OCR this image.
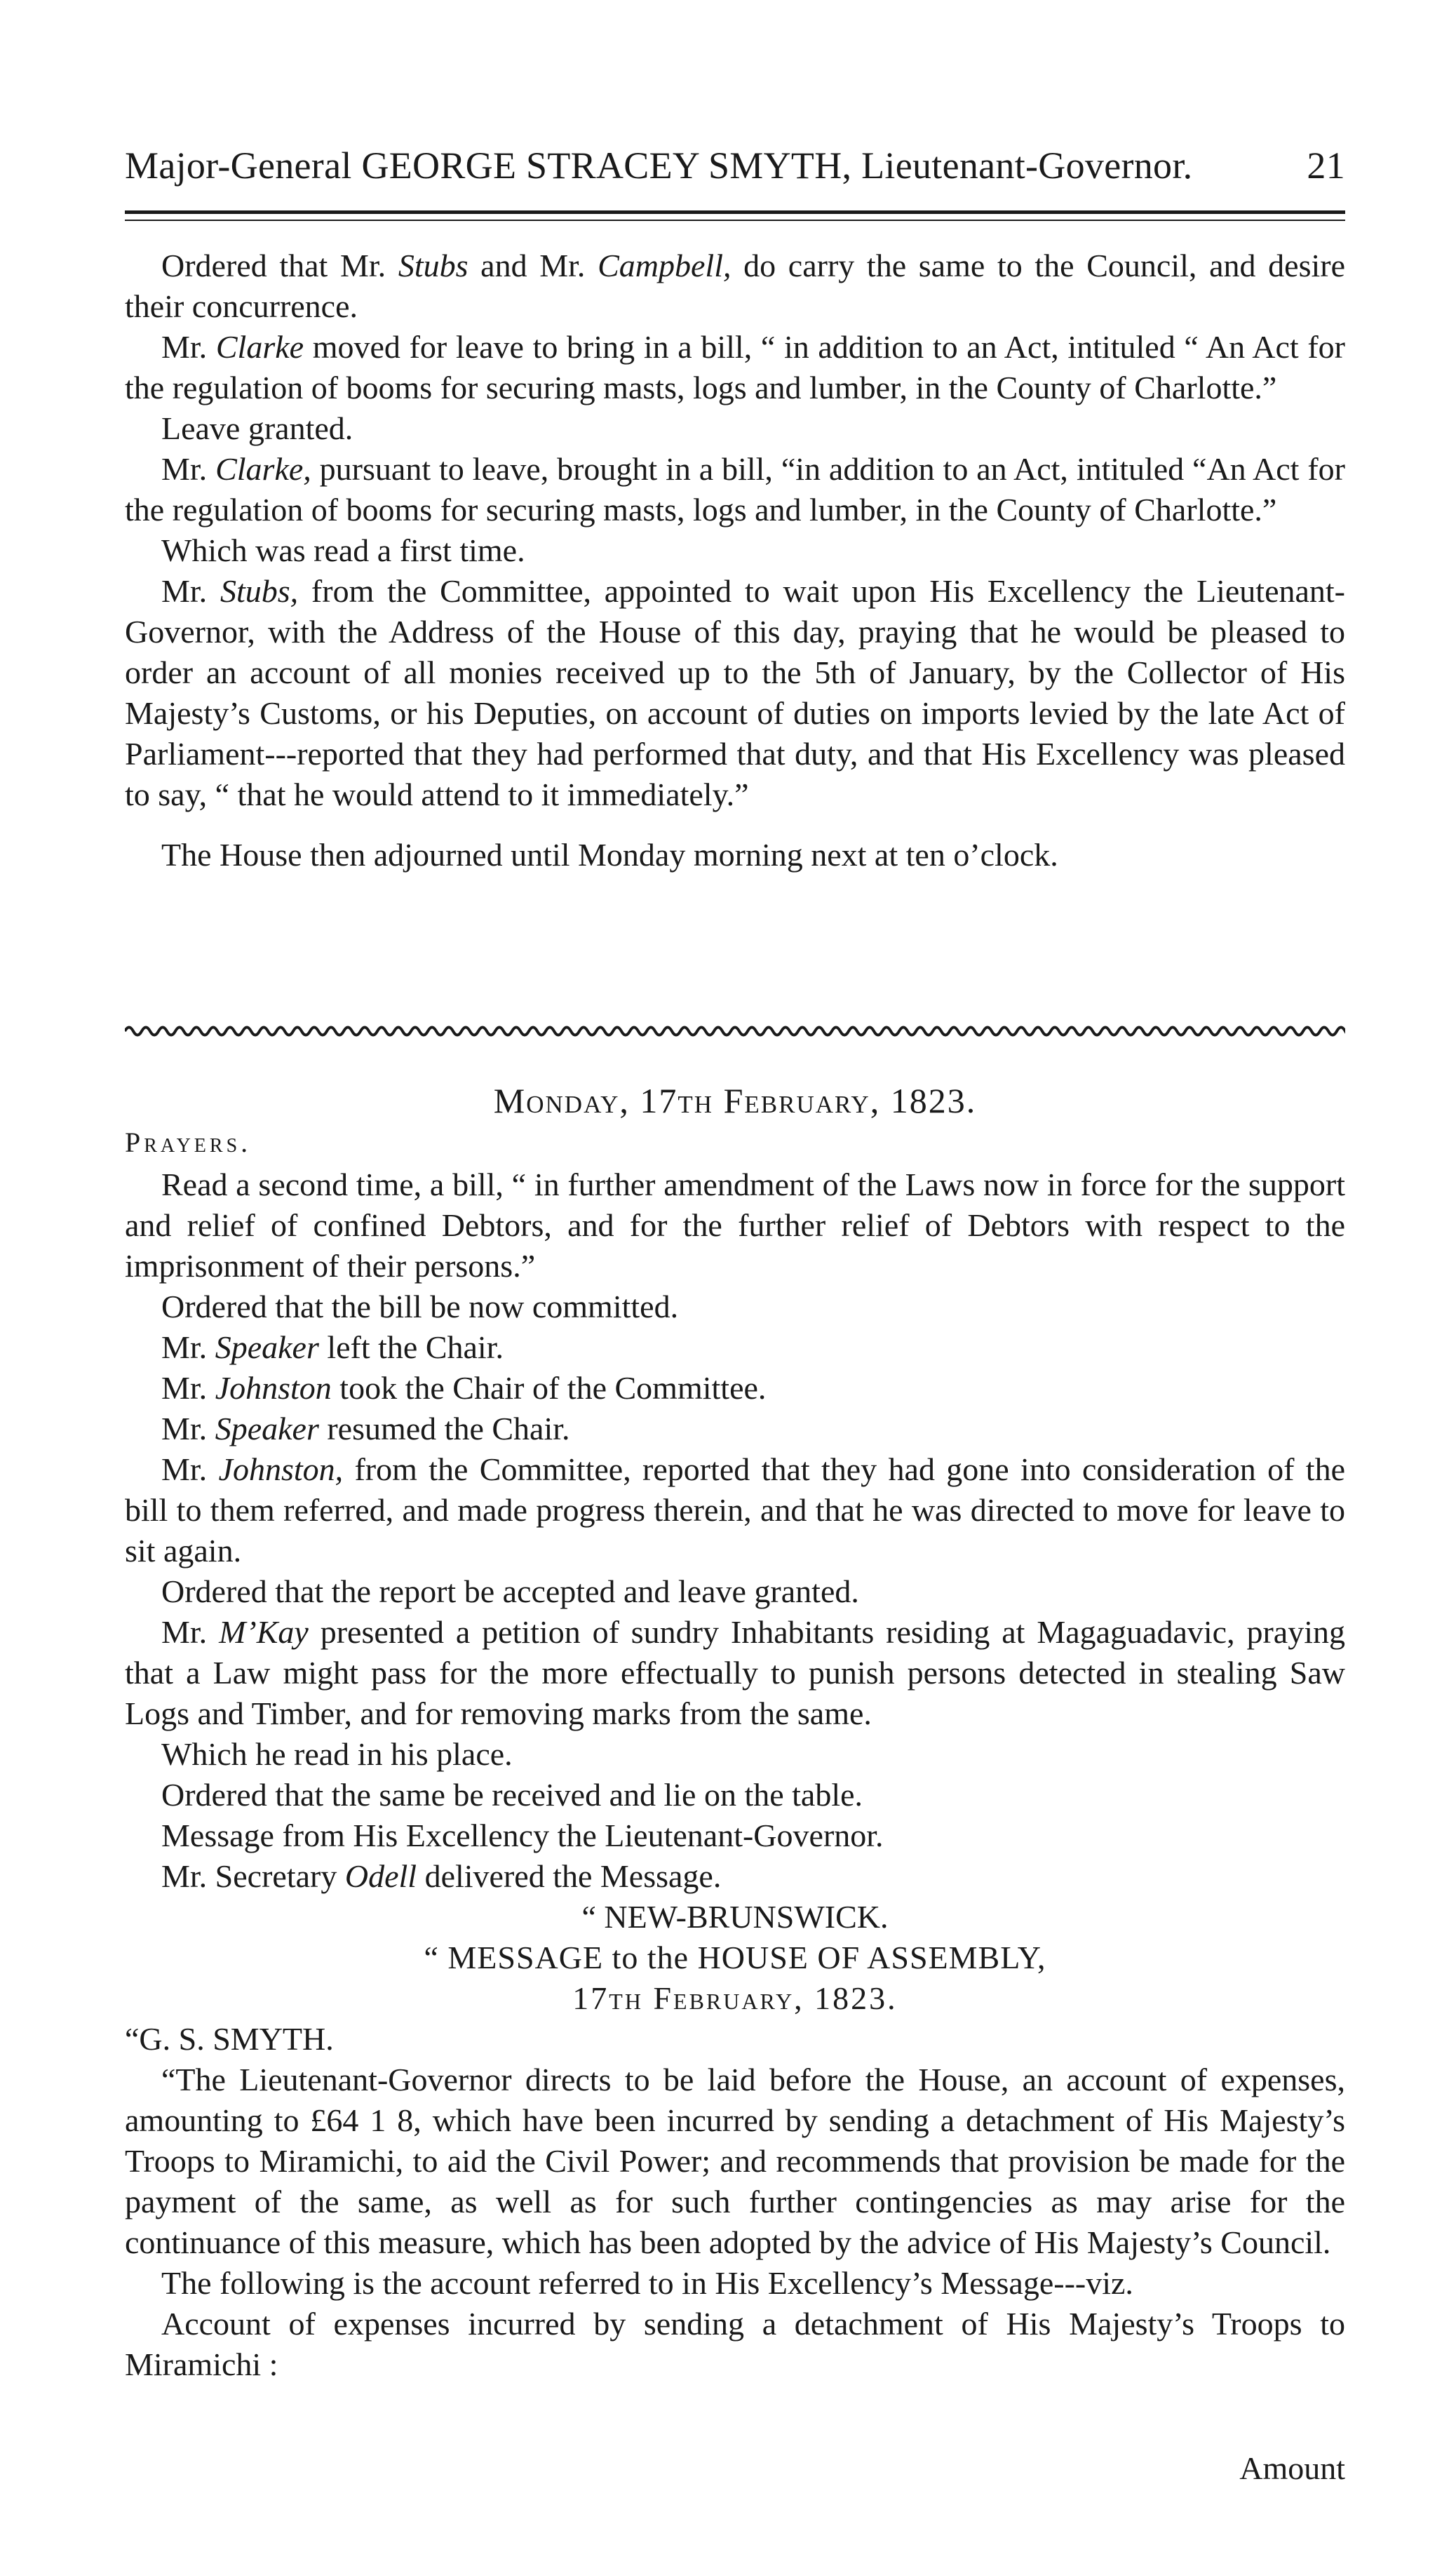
Major-General GEORGE STRACEY SMYTH, Lieutenant-Governor.	21

Ordered that Mr. Stubs and Mr. Campbell, do carry the same to the Council, and desire their concurrence.

Mr. Clarke moved for leave to bring in a bill, “ in addition to an Act, intituled “ An Act for the regulation of booms for securing masts, logs and lumber, in the County of Charlotte.”

Leave granted.

Mr. Clarke, pursuant to leave, brought in a bill, “in addition to an Act, intituled “An Act for the regulation of booms for securing masts, logs and lumber, in the County of Charlotte.”

Which was read a first time.

Mr. Stubs, from the Committee, appointed to wait upon His Excellency the Lieutenant-Governor, with the Address of the House of this day, praying that he would be pleased to order an account of all monies received up to the 5th of January, by the Collector of His Majesty’s Customs, or his Deputies, on account of duties on imports levied by the late Act of Parliament---reported that they had performed that duty, and that His Excellency was pleased to say, “ that he would attend to it immediately.”

The House then adjourned until Monday morning next at ten o’clock.

Monday, 17th February, 1823.
Prayers.

Read a second time, a bill, “ in further amendment of the Laws now in force for the support and relief of confined Debtors, and for the further relief of Debtors with respect to the imprisonment of their persons.”

Ordered that the bill be now committed.

Mr. Speaker left the Chair.

Mr. Johnston took the Chair of the Committee.

Mr. Speaker resumed the Chair.

Mr. Johnston, from the Committee, reported that they had gone into consideration of the bill to them referred, and made progress therein, and that he was directed to move for leave to sit again.

Ordered that the report be accepted and leave granted.

Mr. M’Kay presented a petition of sundry Inhabitants residing at Magaguadavic, praying that a Law might pass for the more effectually to punish persons detected in stealing Saw Logs and Timber, and for removing marks from the same.

Which he read in his place.

Ordered that the same be received and lie on the table.

Message from His Excellency the Lieutenant-Governor.

Mr. Secretary Odell delivered the Message.

“ NEW-BRUNSWICK.

“ MESSAGE to the HOUSE OF ASSEMBLY,

17th February, 1823.

“G. S. SMYTH.

“The Lieutenant-Governor directs to be laid before the House, an account of expenses, amounting to £64 1 8, which have been incurred by sending a detachment of His Majesty’s Troops to Miramichi, to aid the Civil Power; and recommends that provision be made for the payment of the same, as well as for such further contingencies as may arise for the continuance of this measure, which has been adopted by the advice of His Majesty’s Council.

The following is the account referred to in His Excellency’s Message---viz.

Account of expenses incurred by sending a detachment of His Majesty’s Troops to Miramichi :

Amount
